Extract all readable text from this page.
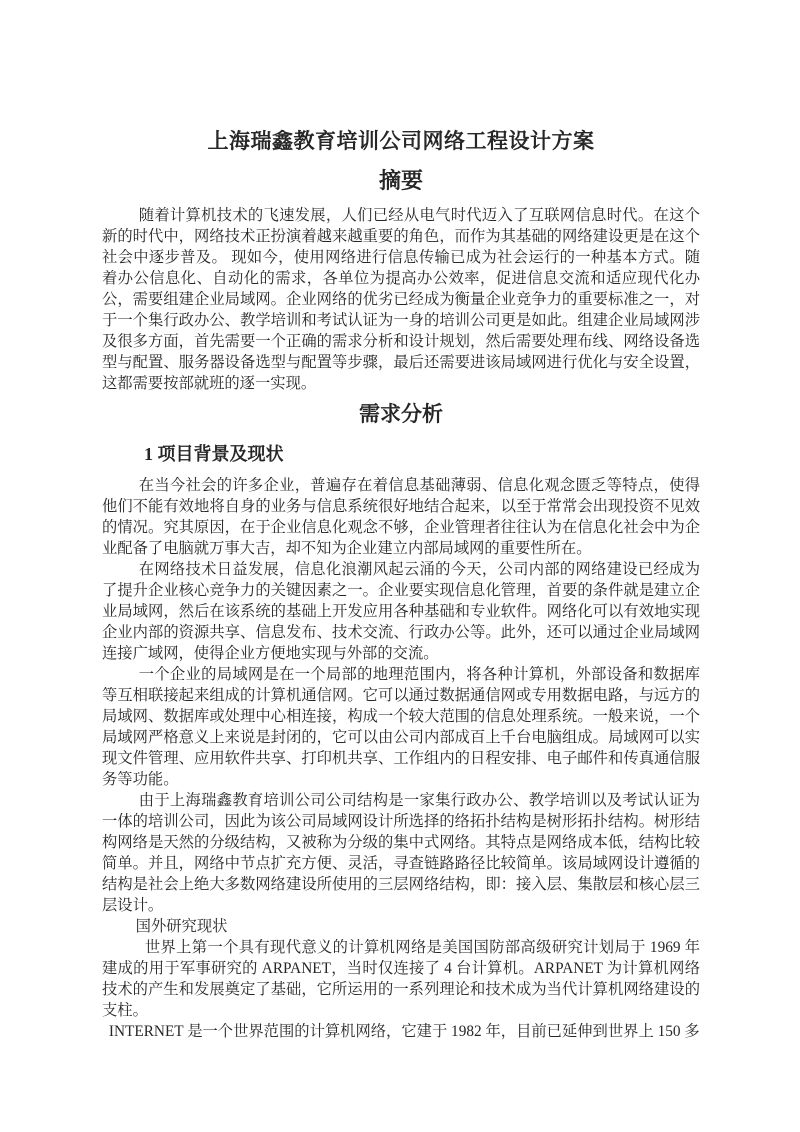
上海瑞鑫教育培训公司网络工程设计方案
摘要

随着计算机技术的飞速发展，人们已经从电气时代迈入了互联网信息时代。在这个新的时代中，网络技术正扮演着越来越重要的角色，而作为其基础的网络建设更是在这个社会中逐步普及。 现如今，使用网络进行信息传输已成为社会运行的一种基本方式。随着办公信息化、自动化的需求，各单位为提高办公效率，促进信息交流和适应现代化办公，需要组建企业局域网。企业网络的优劣已经成为衡量企业竞争力的重要标准之一，对于一个集行政办公、教学培训和考试认证为一身的培训公司更是如此。组建企业局域网涉及很多方面，首先需要一个正确的需求分析和设计规划，然后需要处理布线、网络设备选型与配置、服务器设备选型与配置等步骤，最后还需要进该局域网进行优化与安全设置，这都需要按部就班的逐一实现。

需求分析
1 项目背景及现状

在当今社会的许多企业，普遍存在着信息基础薄弱、信息化观念匮乏等特点，使得他们不能有效地将自身的业务与信息系统很好地结合起来，以至于常常会出现投资不见效的情况。究其原因，在于企业信息化观念不够，企业管理者往往认为在信息化社会中为企业配备了电脑就万事大吉，却不知为企业建立内部局域网的重要性所在。

在网络技术日益发展，信息化浪潮风起云涌的今天，公司内部的网络建设已经成为了提升企业核心竞争力的关键因素之一。企业要实现信息化管理，首要的条件就是建立企业局域网，然后在该系统的基础上开发应用各种基础和专业软件。网络化可以有效地实现企业内部的资源共享、信息发布、技术交流、行政办公等。此外，还可以通过企业局域网连接广域网，使得企业方便地实现与外部的交流。

一个企业的局域网是在一个局部的地理范围内，将各种计算机，外部设备和数据库等互相联接起来组成的计算机通信网。它可以通过数据通信网或专用数据电路，与远方的局域网、数据库或处理中心相连接，构成一个较大范围的信息处理系统。一般来说，一个局域网严格意义上来说是封闭的，它可以由公司内部成百上千台电脑组成。局域网可以实现文件管理、应用软件共享、打印机共享、工作组内的日程安排、电子邮件和传真通信服务等功能。

由于上海瑞鑫教育培训公司公司结构是一家集行政办公、教学培训以及考试认证为一体的培训公司，因此为该公司局域网设计所选择的络拓扑结构是树形拓扑结构。树形结构网络是天然的分级结构，又被称为分级的集中式网络。其特点是网络成本低，结构比较简单。并且，网络中节点扩充方便、灵活，寻查链路路径比较简单。该局域网设计遵循的结构是社会上绝大多数网络建设所使用的三层网络结构，即：接入层、集散层和核心层三层设计。

国外研究现状

世界上第一个具有现代意义的计算机网络是美国国防部高级研究计划局于 1969 年建成的用于军事研究的 ARPANET，当时仅连接了 4 台计算机。ARPANET 为计算机网络技术的产生和发展奠定了基础，它所运用的一系列理论和技术成为当代计算机网络建设的支柱。

INTERNET 是一个世界范围的计算机网络，它建于 1982 年，目前已延伸到世界上 150 多
